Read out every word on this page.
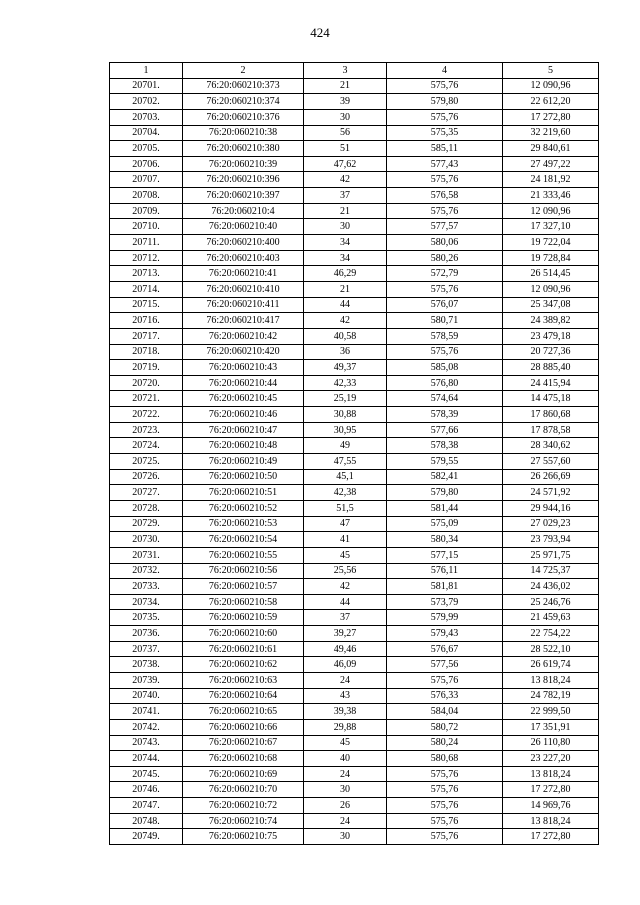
424
1	2	3	4	5
20701.	76:20:060210:373	21	575,76	12 090,96
20702.	76:20:060210:374	39	579,80	22 612,20
20703.	76:20:060210:376	30	575,76	17 272,80
20704.	76:20:060210:38	56	575,35	32 219,60
20705.	76:20:060210:380	51	585,11	29 840,61
20706.	76:20:060210:39	47,62	577,43	27 497,22
20707.	76:20:060210:396	42	575,76	24 181,92
20708.	76:20:060210:397	37	576,58	21 333,46
20709.	76:20:060210:4	21	575,76	12 090,96
20710.	76:20:060210:40	30	577,57	17 327,10
20711.	76:20:060210:400	34	580,06	19 722,04
20712.	76:20:060210:403	34	580,26	19 728,84
20713.	76:20:060210:41	46,29	572,79	26 514,45
20714.	76:20:060210:410	21	575,76	12 090,96
20715.	76:20:060210:411	44	576,07	25 347,08
20716.	76:20:060210:417	42	580,71	24 389,82
20717.	76:20:060210:42	40,58	578,59	23 479,18
20718.	76:20:060210:420	36	575,76	20 727,36
20719.	76:20:060210:43	49,37	585,08	28 885,40
20720.	76:20:060210:44	42,33	576,80	24 415,94
20721.	76:20:060210:45	25,19	574,64	14 475,18
20722.	76:20:060210:46	30,88	578,39	17 860,68
20723.	76:20:060210:47	30,95	577,66	17 878,58
20724.	76:20:060210:48	49	578,38	28 340,62
20725.	76:20:060210:49	47,55	579,55	27 557,60
20726.	76:20:060210:50	45,1	582,41	26 266,69
20727.	76:20:060210:51	42,38	579,80	24 571,92
20728.	76:20:060210:52	51,5	581,44	29 944,16
20729.	76:20:060210:53	47	575,09	27 029,23
20730.	76:20:060210:54	41	580,34	23 793,94
20731.	76:20:060210:55	45	577,15	25 971,75
20732.	76:20:060210:56	25,56	576,11	14 725,37
20733.	76:20:060210:57	42	581,81	24 436,02
20734.	76:20:060210:58	44	573,79	25 246,76
20735.	76:20:060210:59	37	579,99	21 459,63
20736.	76:20:060210:60	39,27	579,43	22 754,22
20737.	76:20:060210:61	49,46	576,67	28 522,10
20738.	76:20:060210:62	46,09	577,56	26 619,74
20739.	76:20:060210:63	24	575,76	13 818,24
20740.	76:20:060210:64	43	576,33	24 782,19
20741.	76:20:060210:65	39,38	584,04	22 999,50
20742.	76:20:060210:66	29,88	580,72	17 351,91
20743.	76:20:060210:67	45	580,24	26 110,80
20744.	76:20:060210:68	40	580,68	23 227,20
20745.	76:20:060210:69	24	575,76	13 818,24
20746.	76:20:060210:70	30	575,76	17 272,80
20747.	76:20:060210:72	26	575,76	14 969,76
20748.	76:20:060210:74	24	575,76	13 818,24
20749.	76:20:060210:75	30	575,76	17 272,80
